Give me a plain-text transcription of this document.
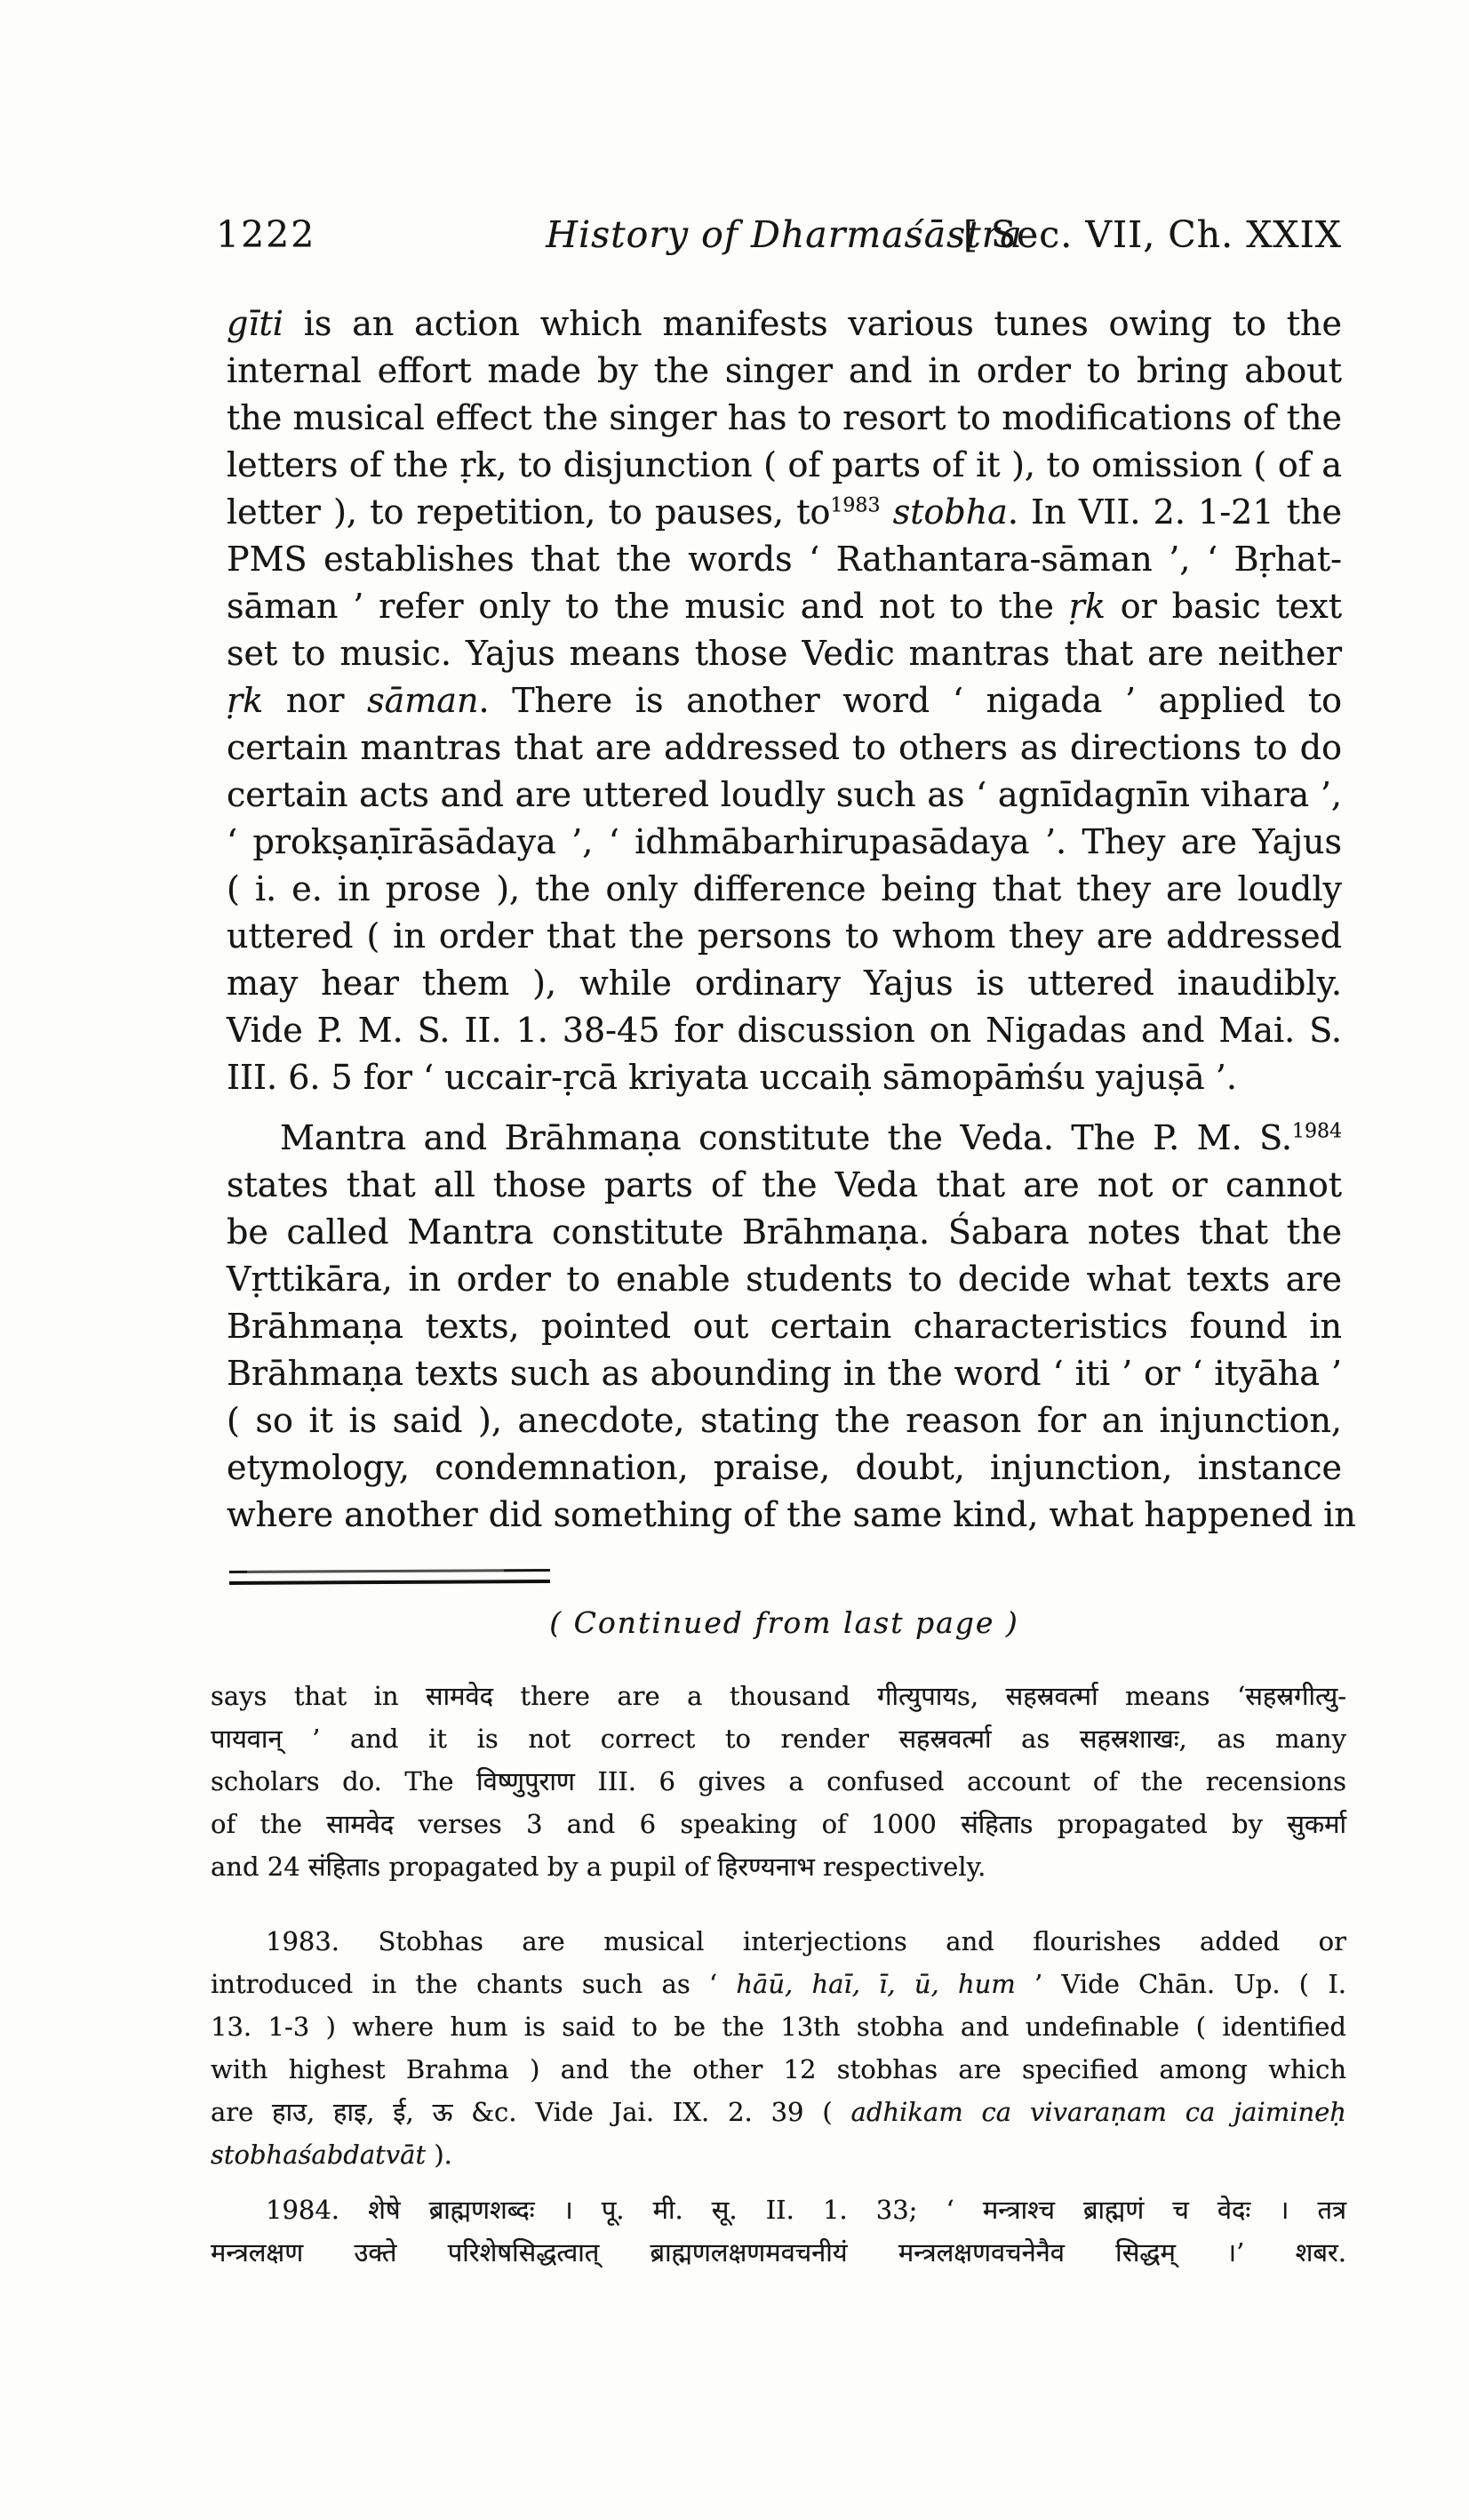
1222	History of Dharmaśāstra
[ Sec. VII, Ch. XXIX
gīti is an action which manifests various tunes owing to the
internal effort made by the singer and in order to bring about
the musical effect the singer has to resort to modifications of the
letters of the ṛk, to disjunction ( of parts of it ), to omission ( of a
letter ), to repetition, to pauses, $to^{1983}$ stobha. In VII. 2. 1-21 the
PMS establishes that the words ‘ Rathantara-sāman ’, ‘ Bṛhat-
sāman ’ refer only to the music and not to the ṛk or basic text
set to music. Yajus means those Vedic mantras that are neither
ṛk nor sāman. There is another word ‘ nigada ’ applied to
certain mantras that are addressed to others as directions to do
certain acts and are uttered loudly such as ‘ agnīdagnīn vihara ’,
‘ prokṣaṇīrāsādaya ’, ‘ idhmābarhirupasādaya ’. They are Yajus
( i. e. in prose ), the only difference being that they are loudly
uttered ( in order that the persons to whom they are addressed
may hear them ), while ordinary Yajus is uttered inaudibly.
Vide P. M. S. II. 1. 38-45 for discussion on Nigadas and Mai. S.
III. 6. 5 for ‘ uccair-ṛcā kriyata uccaiḥ sāmopāṁśu yajuṣā ’.
Mantra and Brāhmaṇa constitute the Veda. The P. M. S.$^{1984}$
states that all those parts of the Veda that are not or cannot
be called Mantra constitute Brāhmaṇa. Śabara notes that the
Vṛttikāra, in order to enable students to decide what texts are
Brāhmaṇa texts, pointed out certain characteristics found in
Brāhmaṇa texts such as abounding in the word ‘ iti ’ or ‘ ityāha ’
( so it is said ), anecdote, stating the reason for an injunction,
etymology, condemnation, praise, doubt, injunction, instance
where another did something of the same kind, what happened in
( Continued from last page )
says that in सामवेद there are a thousand गीत्युपायs, सहस्रवर्त्मा means ‘सहस्रगीत्यु-
पायवान् ’ and it is not correct to render सहस्रवर्त्मा as सहस्रशाखः, as many
scholars do. The विष्णुपुराण III. 6 gives a confused account of the recensions
of the सामवेद verses 3 and 6 speaking of 1000 संहिताs propagated by सुकर्मा
and 24 संहिताs propagated by a pupil of हिरण्यनाभ respectively.
1983. Stobhas are musical interjections and flourishes added or
introduced in the chants such as ‘ hāū, haī, ī, ū, hum ’ Vide Chān. Up. ( I.
13. 1-3 ) where hum is said to be the 13th stobha and undefinable ( identified
with highest Brahma ) and the other 12 stobhas are specified among which
are हाउ, हाइ, ई, ऊ &c. Vide Jai. IX. 2. 39 ( adhikam ca vivaraṇam ca jaimineḥ
stobhaśabdatvāt ).
1984. शेषे ब्राह्मणशब्दः । पू. मी. सू. II. 1. 33; ‘ मन्त्राश्च ब्राह्मणं च वेदः । तत्र
मन्त्रलक्षण उक्ते परिशेषसिद्धत्वात् ब्राह्मणलक्षणमवचनीयं मन्त्रलक्षणवचनेनैव सिद्धम् ।’ शबर.
